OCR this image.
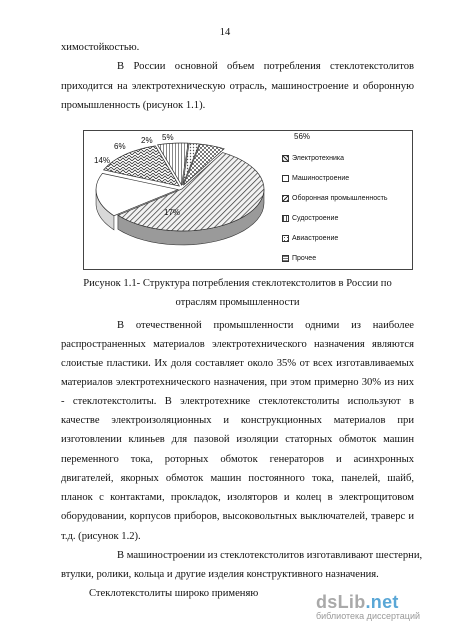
14
химостойкостью.
В России основной объем потребления стеклотекстолитов
приходится на электротехническую отрасль, машиностроение и оборонную
промышленность (рисунок 1.1).
56%
17%
14%
6%
2% 5%
Электротехника
Машиностроение
Оборонная промышленность
Судостроение
Авиастроение
Прочее
Рисунок 1.1- Структура потребления стеклотекстолитов в России по
отраслям промышленности
В отечественной промышленности одними из наиболее
распространенных материалов электротехнического назначения являются
слоистые пластики. Их доля составляет около 35% от всех изготавливаемых
материалов электротехнического назначения, при этом примерно 30% из них
- стеклотекстолиты. В электротехнике стеклотекстолиты используют в
качестве электроизоляционных и конструкционных материалов при
изготовлении клиньев для пазовой изоляции статорных обмоток машин
переменного тока, роторных обмоток генераторов и асинхронных
двигателей, якорных обмоток машин постоянного тока, панелей, шайб,
планок с контактами, прокладок, изоляторов и колец в электрощитовом
оборудовании, корпусов приборов, высоковольтных выключателей, траверс и
т.д. (рисунок 1.2).
В машиностроении из стеклотекстолитов изготавливают шестерни,
втулки, ролики, кольца и другие изделия конструктивного назначения.
Стеклотекстолиты широко применяю	dsLib.net
библиотека диссертаций
